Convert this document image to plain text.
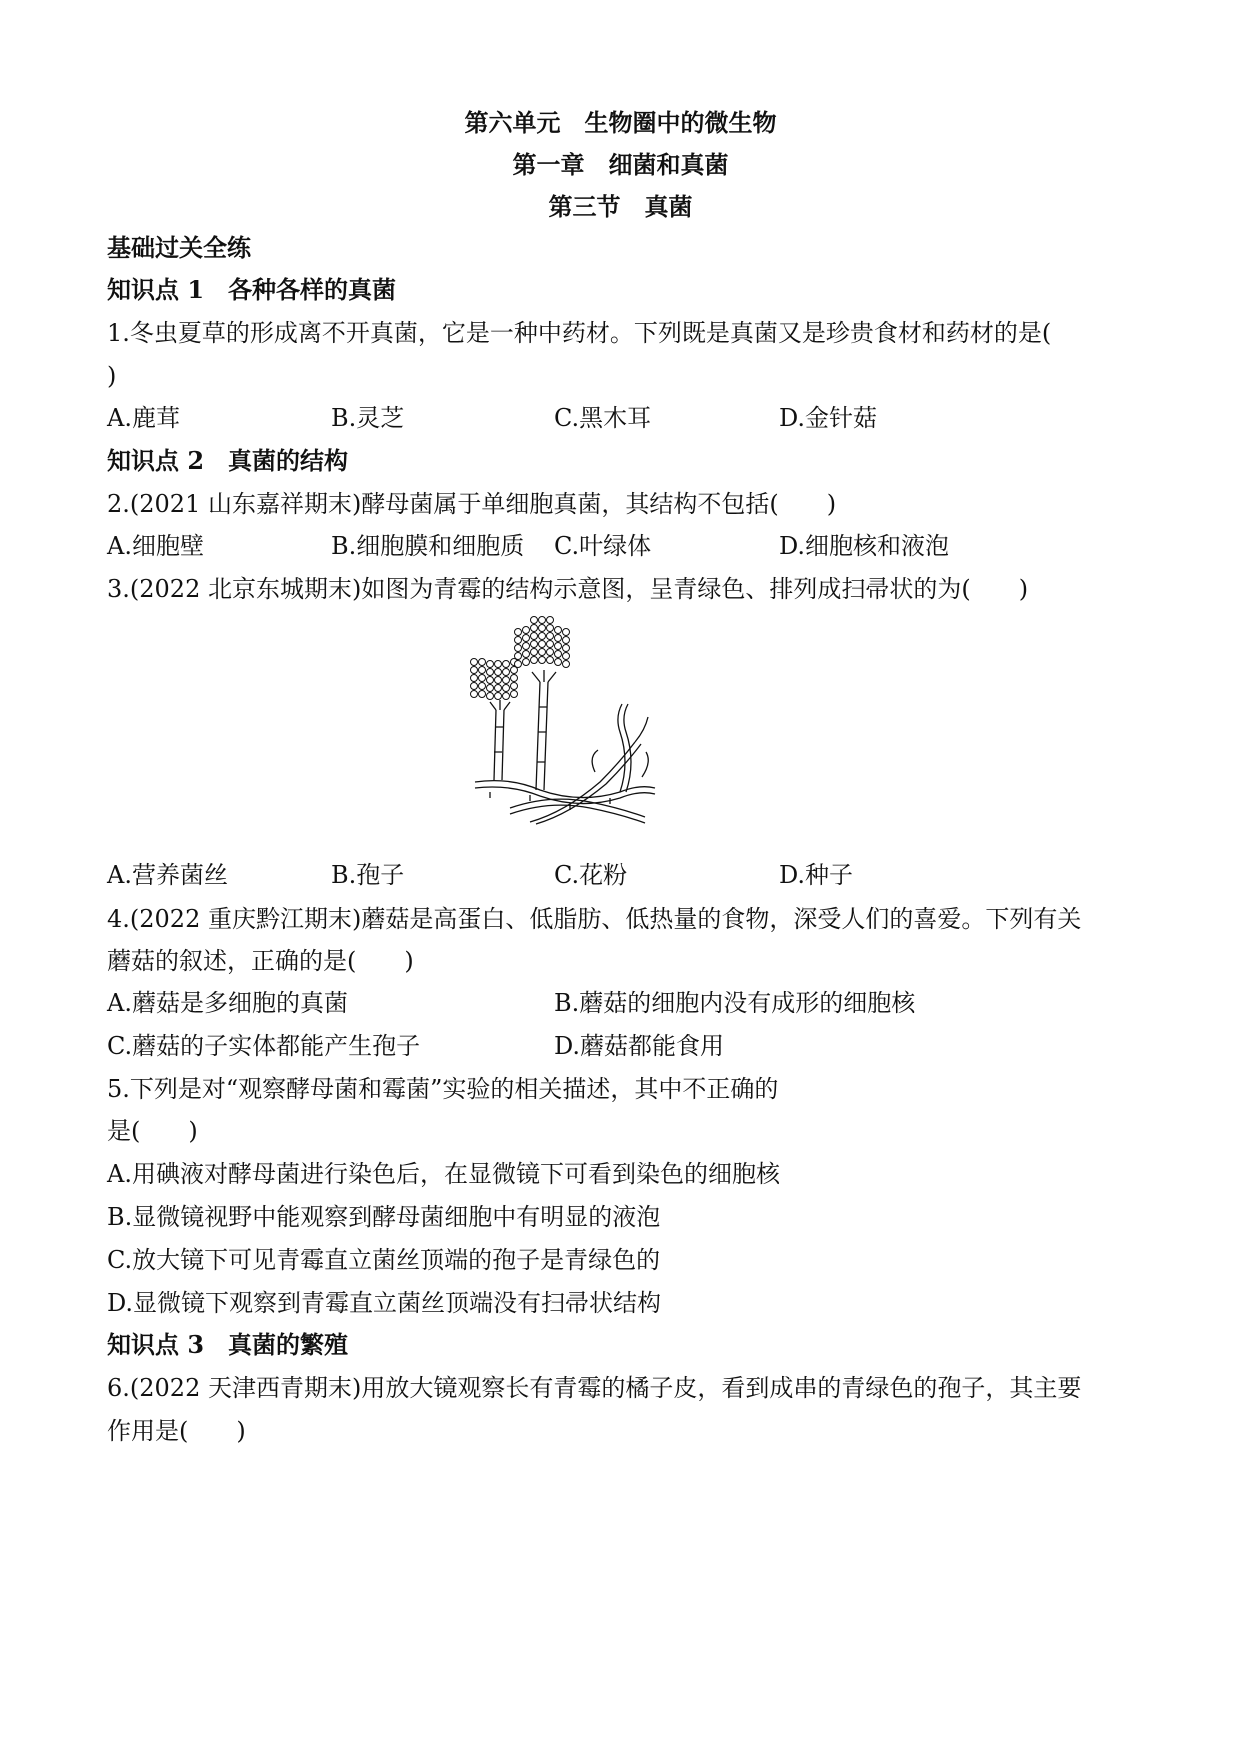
第六单元　生物圈中的微生物
第一章　细菌和真菌
第三节　真菌
基础过关全练
知识点 1　各种各样的真菌
1.冬虫夏草的形成离不开真菌，它是一种中药材。下列既是真菌又是珍贵食材和药材的是(
)
A.鹿茸	B.灵芝	C.黑木耳	D.金针菇
知识点 2　真菌的结构
2.(2021 山东嘉祥期末)酵母菌属于单细胞真菌，其结构不包括(　　)
A.细胞壁	B.细胞膜和细胞质 C.叶绿体	D.细胞核和液泡
3.(2022 北京东城期末)如图为青霉的结构示意图，呈青绿色、排列成扫帚状的为(　　)
A.营养菌丝	B.孢子	C.花粉	D.种子
4.(2022 重庆黔江期末)蘑菇是高蛋白、低脂肪、低热量的食物，深受人们的喜爱。下列有关
蘑菇的叙述，正确的是(　　)
A.蘑菇是多细胞的真菌	B.蘑菇的细胞内没有成形的细胞核
C.蘑菇的子实体都能产生孢子	D.蘑菇都能食用
5.下列是对“观察酵母菌和霉菌”实验的相关描述，其中不正确的
是(　　)
A.用碘液对酵母菌进行染色后，在显微镜下可看到染色的细胞核
B.显微镜视野中能观察到酵母菌细胞中有明显的液泡
C.放大镜下可见青霉直立菌丝顶端的孢子是青绿色的
D.显微镜下观察到青霉直立菌丝顶端没有扫帚状结构
知识点 3　真菌的繁殖
6.(2022 天津西青期末)用放大镜观察长有青霉的橘子皮，看到成串的青绿色的孢子，其主要
作用是(　　)
